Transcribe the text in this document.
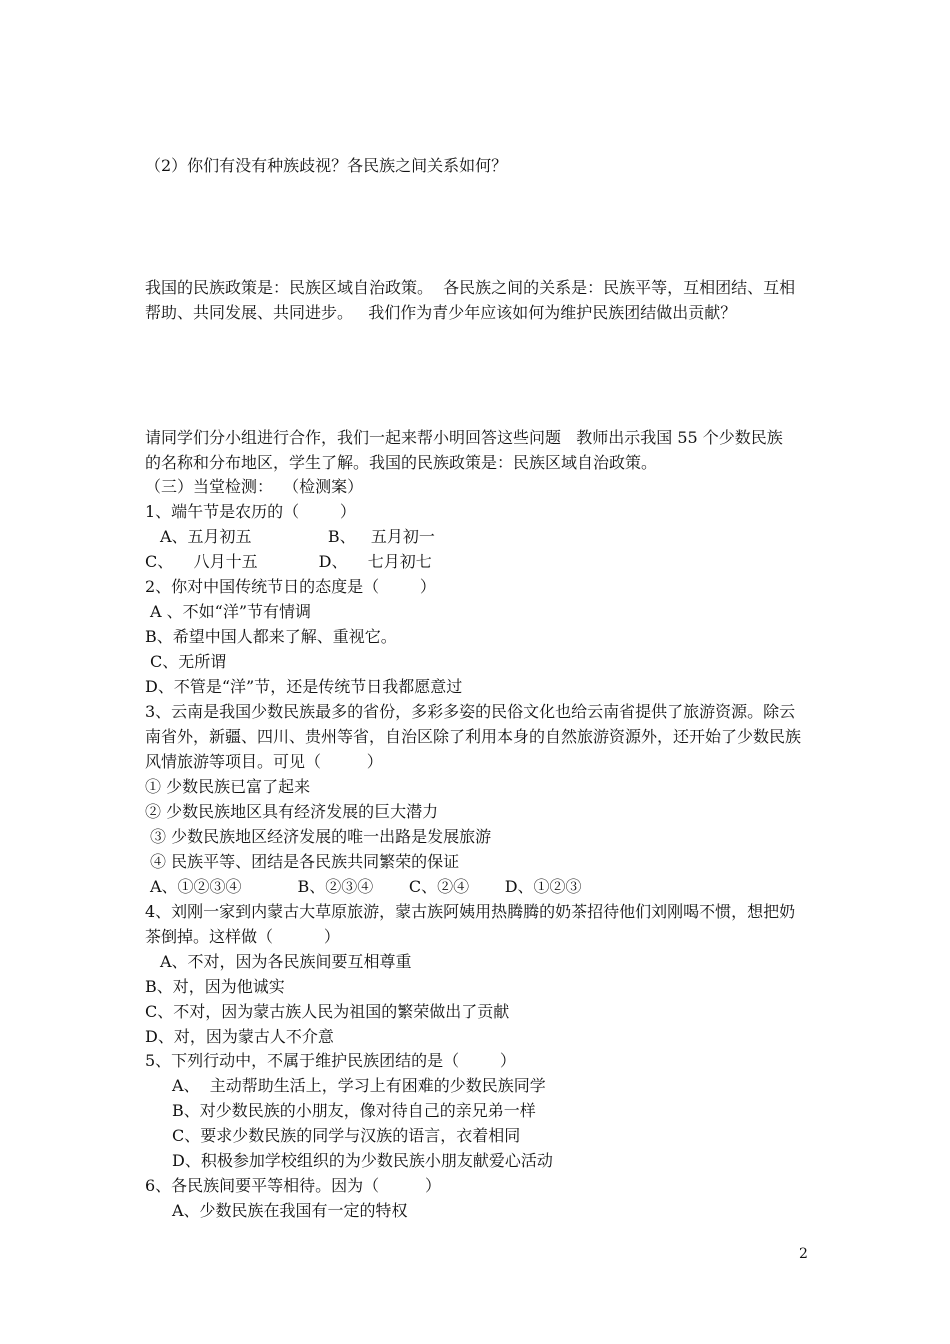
（2）你们有没有种族歧视？各民族之间关系如何？
我国的民族政策是：民族区域自治政策。  各民族之间的关系是：民族平等，互相团结、互相
帮助、共同发展、共同进步。   我们作为青少年应该如何为维护民族团结做出贡献？
请同学们分小组进行合作，我们一起来帮小明回答这些问题   教师出示我国 55 个少数民族
的名称和分布地区，学生了解。我国的民族政策是：民族区域自治政策。
（三）当堂检测：  （检测案）
1、端午节是农历的（        ）
A、五月初五               B、   五月初一
C、    八月十五            D、    七月初七
2、你对中国传统节日的态度是（        ）
A 、不如“洋”节有情调
B、希望中国人都来了解、重视它。
C、无所谓
D、不管是“洋”节，还是传统节日我都愿意过
3、云南是我国少数民族最多的省份，多彩多姿的民俗文化也给云南省提供了旅游资源。除云
南省外，新疆、四川、贵州等省，自治区除了利用本身的自然旅游资源外，还开始了少数民族
风情旅游等项目。可见（         ）
① 少数民族已富了起来
② 少数民族地区具有经济发展的巨大潜力
③ 少数民族地区经济发展的唯一出路是发展旅游
④ 民族平等、团结是各民族共同繁荣的保证
A、①②③④           B、②③④       C、②④       D、①②③
4、刘刚一家到内蒙古大草原旅游，蒙古族阿姨用热腾腾的奶茶招待他们刘刚喝不惯，想把奶
茶倒掉。这样做（          ）
A、不对，因为各民族间要互相尊重
B、对，因为他诚实
C、不对，因为蒙古族人民为祖国的繁荣做出了贡献
D、对，因为蒙古人不介意
5、下列行动中，不属于维护民族团结的是（        ）
A、  主动帮助生活上，学习上有困难的少数民族同学
B、对少数民族的小朋友，像对待自己的亲兄弟一样
C、要求少数民族的同学与汉族的语言，衣着相同
D、积极参加学校组织的为少数民族小朋友献爱心活动
6、各民族间要平等相待。因为（         ）
A、少数民族在我国有一定的特权
2
